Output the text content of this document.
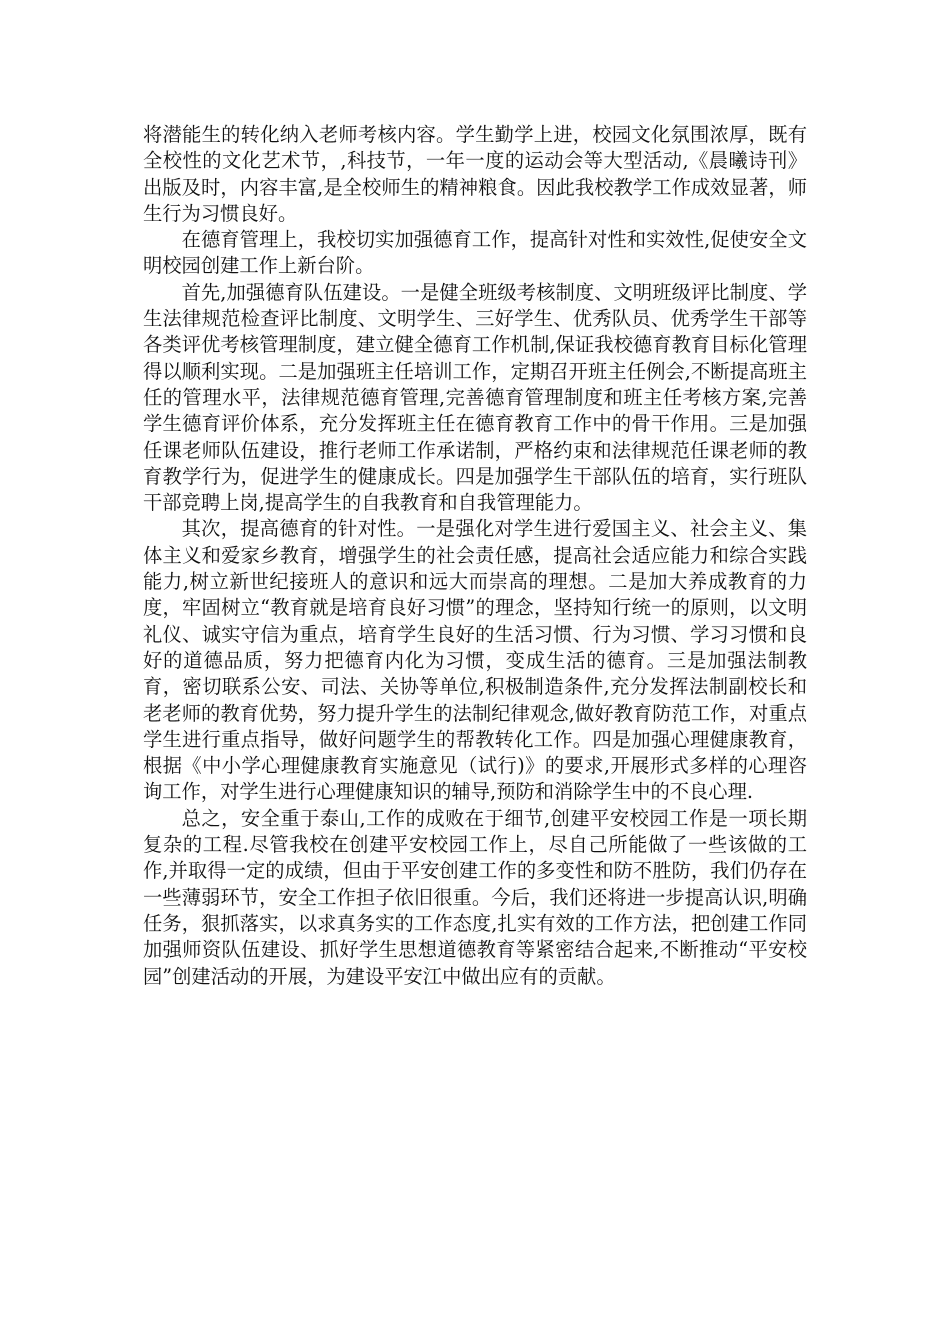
将潜能生的转化纳入老师考核内容。学生勤学上进，校园文化氛围浓厚，既有全校性的文化艺术节，,科技节，一年一度的运动会等大型活动,《晨曦诗刊》出版及时，内容丰富,是全校师生的精神粮食。因此我校教学工作成效显著，师生行为习惯良好。

在德育管理上，我校切实加强德育工作，提高针对性和实效性,促使安全文明校园创建工作上新台阶。

首先,加强德育队伍建设。一是健全班级考核制度、文明班级评比制度、学生法律规范检查评比制度、文明学生、三好学生、优秀队员、优秀学生干部等各类评优考核管理制度，建立健全德育工作机制,保证我校德育教育目标化管理得以顺利实现。二是加强班主任培训工作，定期召开班主任例会,不断提高班主任的管理水平，法律规范德育管理,完善德育管理制度和班主任考核方案,完善学生德育评价体系，充分发挥班主任在德育教育工作中的骨干作用。三是加强任课老师队伍建设，推行老师工作承诺制，严格约束和法律规范任课老师的教育教学行为，促进学生的健康成长。四是加强学生干部队伍的培育，实行班队干部竞聘上岗,提高学生的自我教育和自我管理能力。

其次，提高德育的针对性。一是强化对学生进行爱国主义、社会主义、集体主义和爱家乡教育，增强学生的社会责任感，提高社会适应能力和综合实践能力,树立新世纪接班人的意识和远大而崇高的理想。二是加大养成教育的力度，牢固树立“教育就是培育良好习惯”的理念，坚持知行统一的原则，以文明礼仪、诚实守信为重点，培育学生良好的生活习惯、行为习惯、学习习惯和良好的道德品质，努力把德育内化为习惯，变成生活的德育。三是加强法制教育，密切联系公安、司法、关协等单位,积极制造条件,充分发挥法制副校长和老老师的教育优势，努力提升学生的法制纪律观念,做好教育防范工作，对重点学生进行重点指导，做好问题学生的帮教转化工作。四是加强心理健康教育，根据《中小学心理健康教育实施意见（试行)》的要求,开展形式多样的心理咨询工作，对学生进行心理健康知识的辅导,预防和消除学生中的不良心理.

总之，安全重于泰山,工作的成败在于细节,创建平安校园工作是一项长期复杂的工程.尽管我校在创建平安校园工作上，尽自己所能做了一些该做的工作,并取得一定的成绩，但由于平安创建工作的多变性和防不胜防，我们仍存在一些薄弱环节，安全工作担子依旧很重。今后，我们还将进一步提高认识,明确任务，狠抓落实，以求真务实的工作态度,扎实有效的工作方法，把创建工作同加强师资队伍建设、抓好学生思想道德教育等紧密结合起来,不断推动“平安校园”创建活动的开展，为建设平安江中做出应有的贡献。
